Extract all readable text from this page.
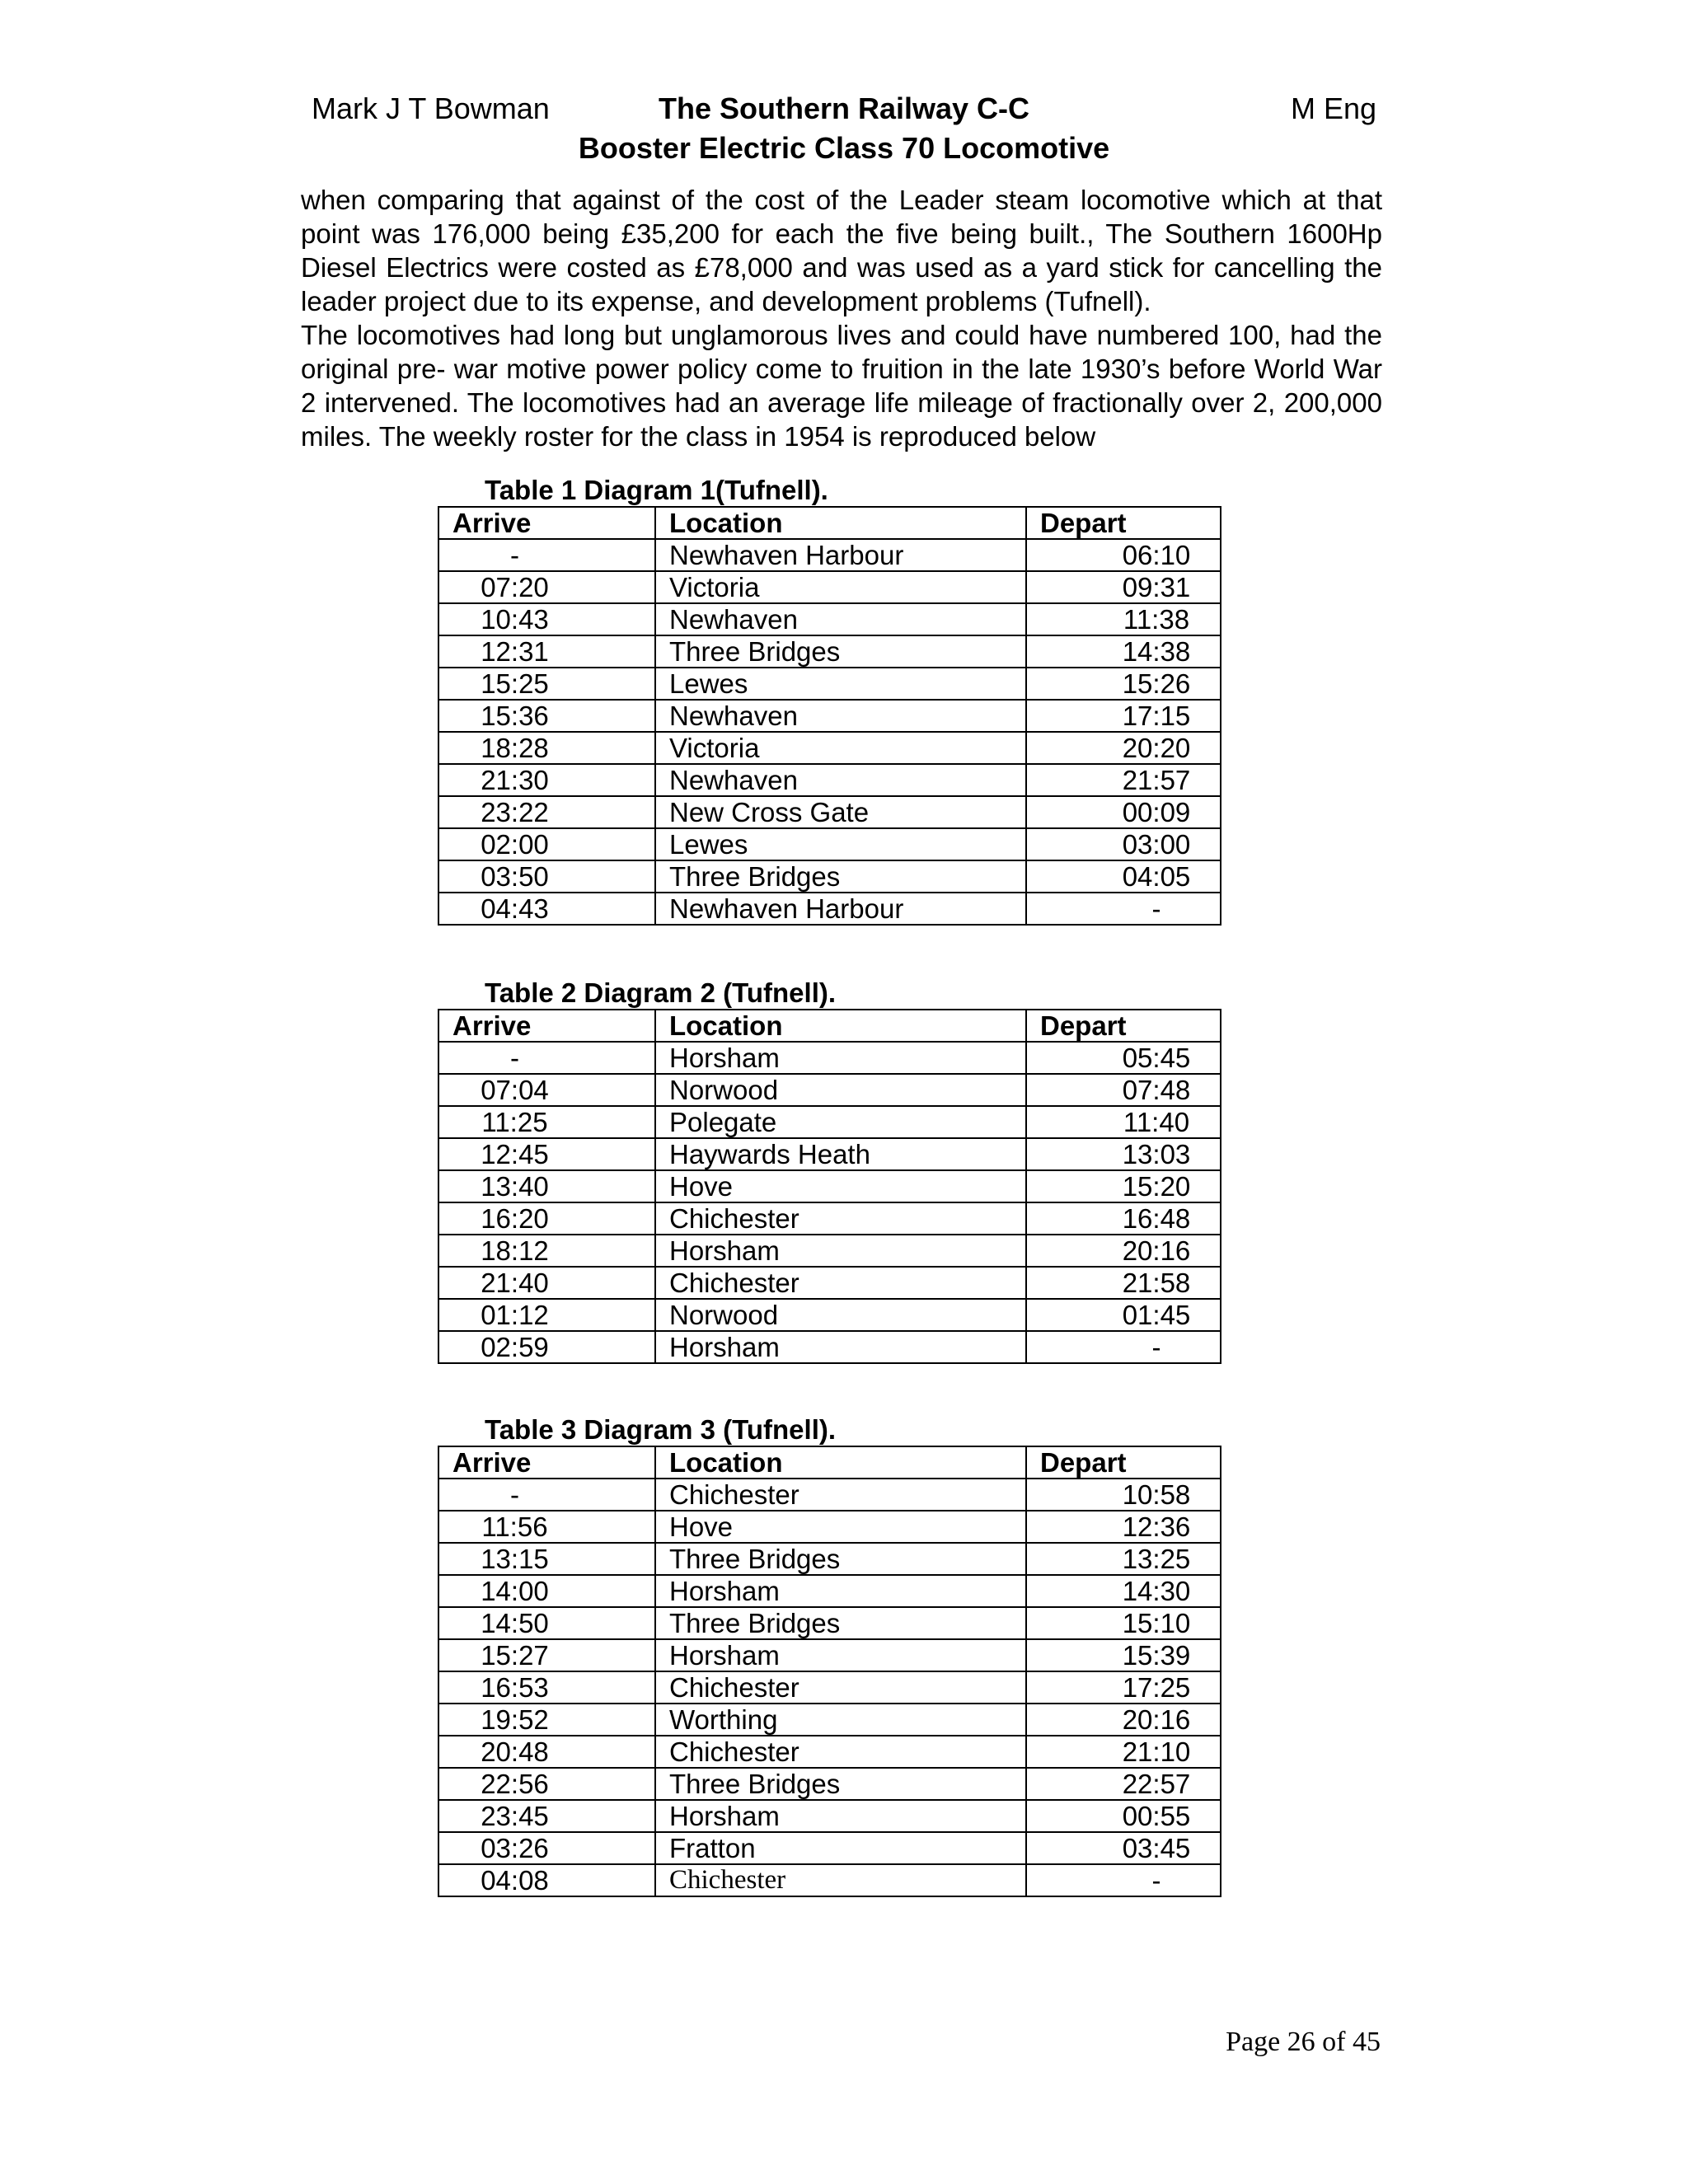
Mark J T Bowman	The Southern Railway C-C
Booster Electric Class 70 Locomotive
M Eng

when comparing that against of the cost of the Leader steam locomotive which at that point was 176,000 being £35,200 for each the five being built., The Southern 1600Hp Diesel Electrics were costed as £78,000 and was used as a yard stick for cancelling the leader project due to its expense, and development problems (Tufnell).

The locomotives had long but unglamorous lives and could have numbered 100, had the original pre- war motive power policy come to fruition in the late 1930’s before World War 2 intervened. The locomotives had an average life mileage of fractionally over 2, 200,000 miles. The weekly roster for the class in 1954 is reproduced below

Table 1 Diagram 1(Tufnell).
Arrive	Location	Depart
-	Newhaven Harbour	06:10
07:20	Victoria	09:31
10:43	Newhaven	11:38
12:31	Three Bridges	14:38
15:25	Lewes	15:26
15:36	Newhaven	17:15
18:28	Victoria	20:20
21:30	Newhaven	21:57
23:22	New Cross Gate	00:09
02:00	Lewes	03:00
03:50	Three Bridges	04:05
04:43	Newhaven Harbour	-
Table 2 Diagram 2 (Tufnell).
Arrive	Location	Depart
-	Horsham	05:45
07:04	Norwood	07:48
11:25	Polegate	11:40
12:45	Haywards Heath	13:03
13:40	Hove	15:20
16:20	Chichester	16:48
18:12	Horsham	20:16
21:40	Chichester	21:58
01:12	Norwood	01:45
02:59	Horsham	-
Table 3 Diagram 3 (Tufnell).
Arrive	Location	Depart
-	Chichester	10:58
11:56	Hove	12:36
13:15	Three Bridges	13:25
14:00	Horsham	14:30
14:50	Three Bridges	15:10
15:27	Horsham	15:39
16:53	Chichester	17:25
19:52	Worthing	20:16
20:48	Chichester	21:10
22:56	Three Bridges	22:57
23:45	Horsham	00:55
03:26	Fratton	03:45
04:08	Chichester	-
Page 26 of 45
